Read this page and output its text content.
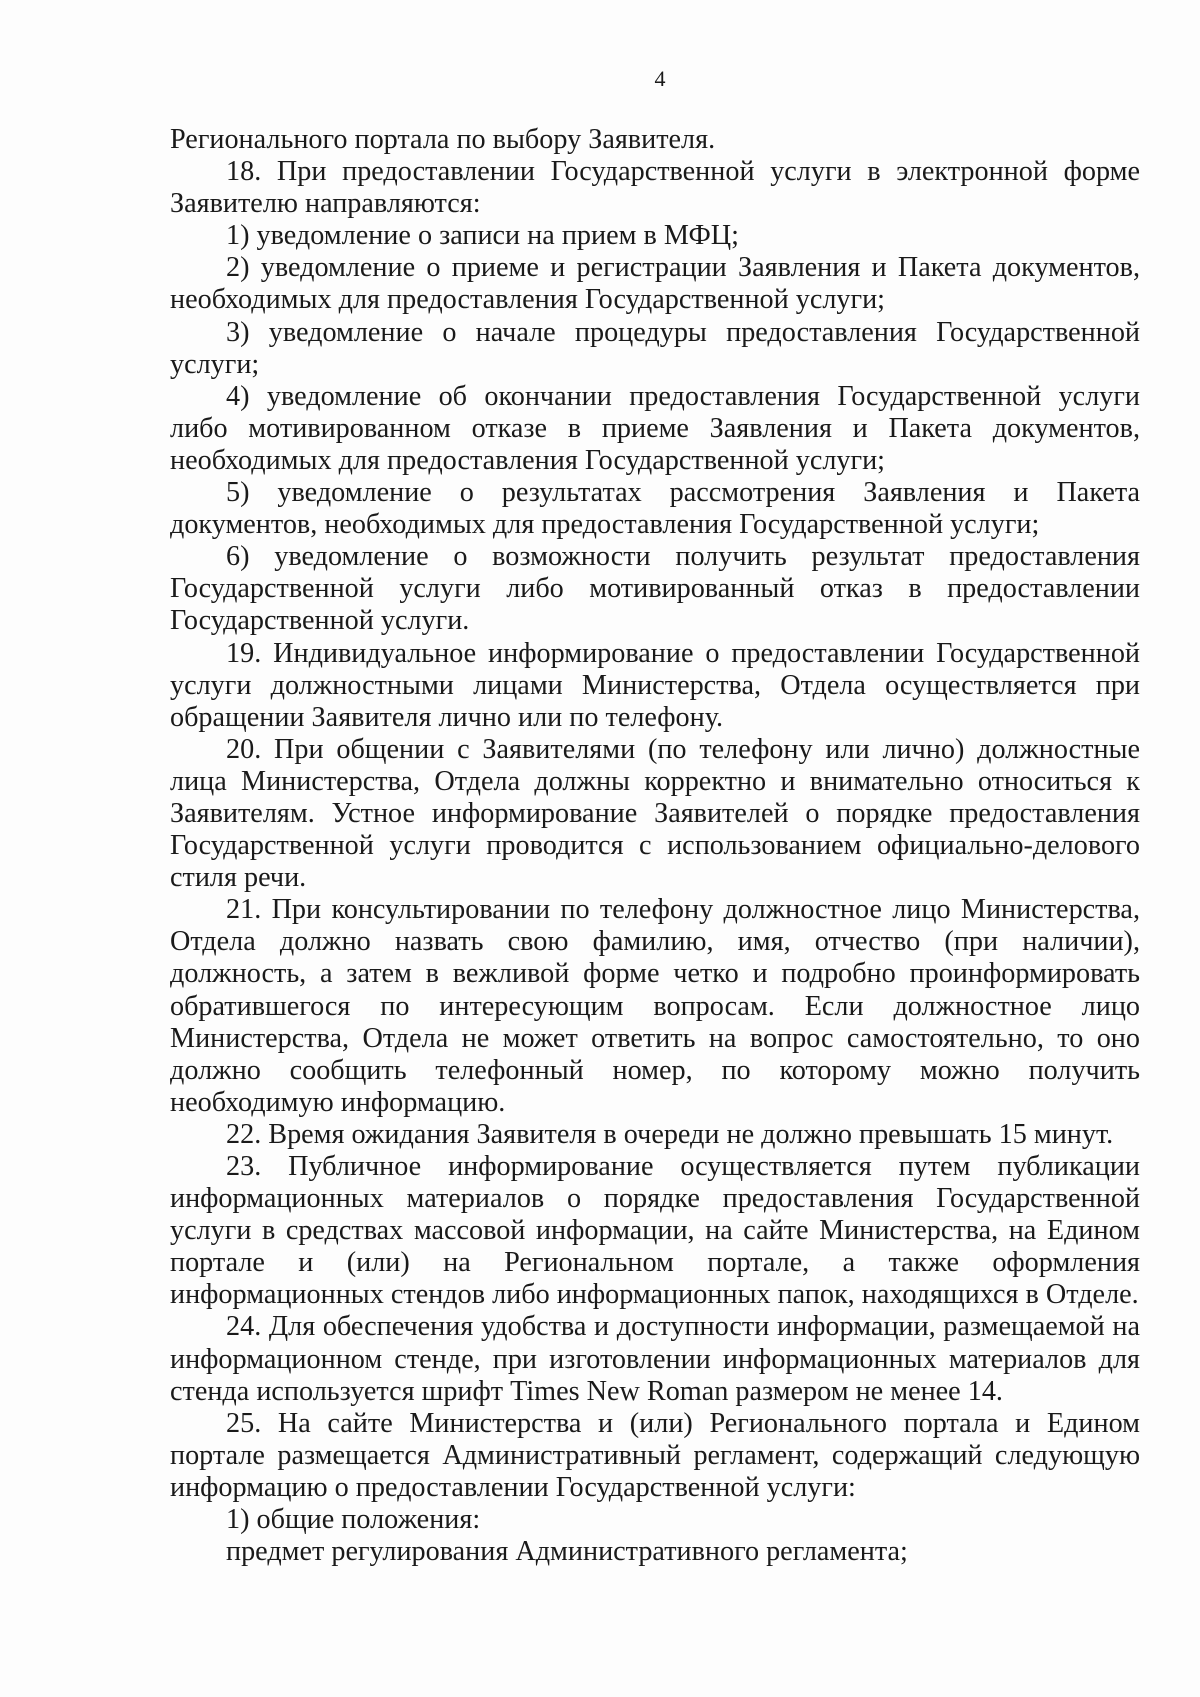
4

Регионального портала по выбору Заявителя.

18. При предоставлении Государственной услуги в электронной форме Заявителю направляются:

1) уведомление о записи на прием в МФЦ;

2) уведомление о приеме и регистрации Заявления и Пакета документов, необходимых для предоставления Государственной услуги;

3) уведомление о начале процедуры предоставления Государственной услуги;

4) уведомление об окончании предоставления Государственной услуги либо мотивированном отказе в приеме Заявления и Пакета документов, необходимых для предоставления Государственной услуги;

5) уведомление о результатах рассмотрения Заявления и Пакета документов, необходимых для предоставления Государственной услуги;

6) уведомление о возможности получить результат предоставления Государственной услуги либо мотивированный отказ в предоставлении Государственной услуги.

19. Индивидуальное информирование о предоставлении Государственной услуги должностными лицами Министерства, Отдела осуществляется при обращении Заявителя лично или по телефону.

20. При общении с Заявителями (по телефону или лично) должностные лица Министерства, Отдела должны корректно и внимательно относиться к Заявителям. Устное информирование Заявителей о порядке предоставления Государственной услуги проводится с использованием официально-делового стиля речи.

21. При консультировании по телефону должностное лицо Министерства, Отдела должно назвать свою фамилию, имя, отчество (при наличии), должность, а затем в вежливой форме четко и подробно проинформировать обратившегося по интересующим вопросам. Если должностное лицо Министерства, Отдела не может ответить на вопрос самостоятельно, то оно должно сообщить телефонный номер, по которому можно получить необходимую информацию.

22. Время ожидания Заявителя в очереди не должно превышать 15 минут.

23. Публичное информирование осуществляется путем публикации информационных материалов о порядке предоставления Государственной услуги в средствах массовой информации, на сайте Министерства, на Едином портале и (или) на Региональном портале, а также оформления информационных стендов либо информационных папок, находящихся в Отделе.

24. Для обеспечения удобства и доступности информации, размещаемой на информационном стенде, при изготовлении информационных материалов для стенда используется шрифт Times New Roman размером не менее 14.

25. На сайте Министерства и (или) Регионального портала и Едином портале размещается Административный регламент, содержащий следующую информацию о предоставлении Государственной услуги:

1) общие положения:

предмет регулирования Административного регламента;
